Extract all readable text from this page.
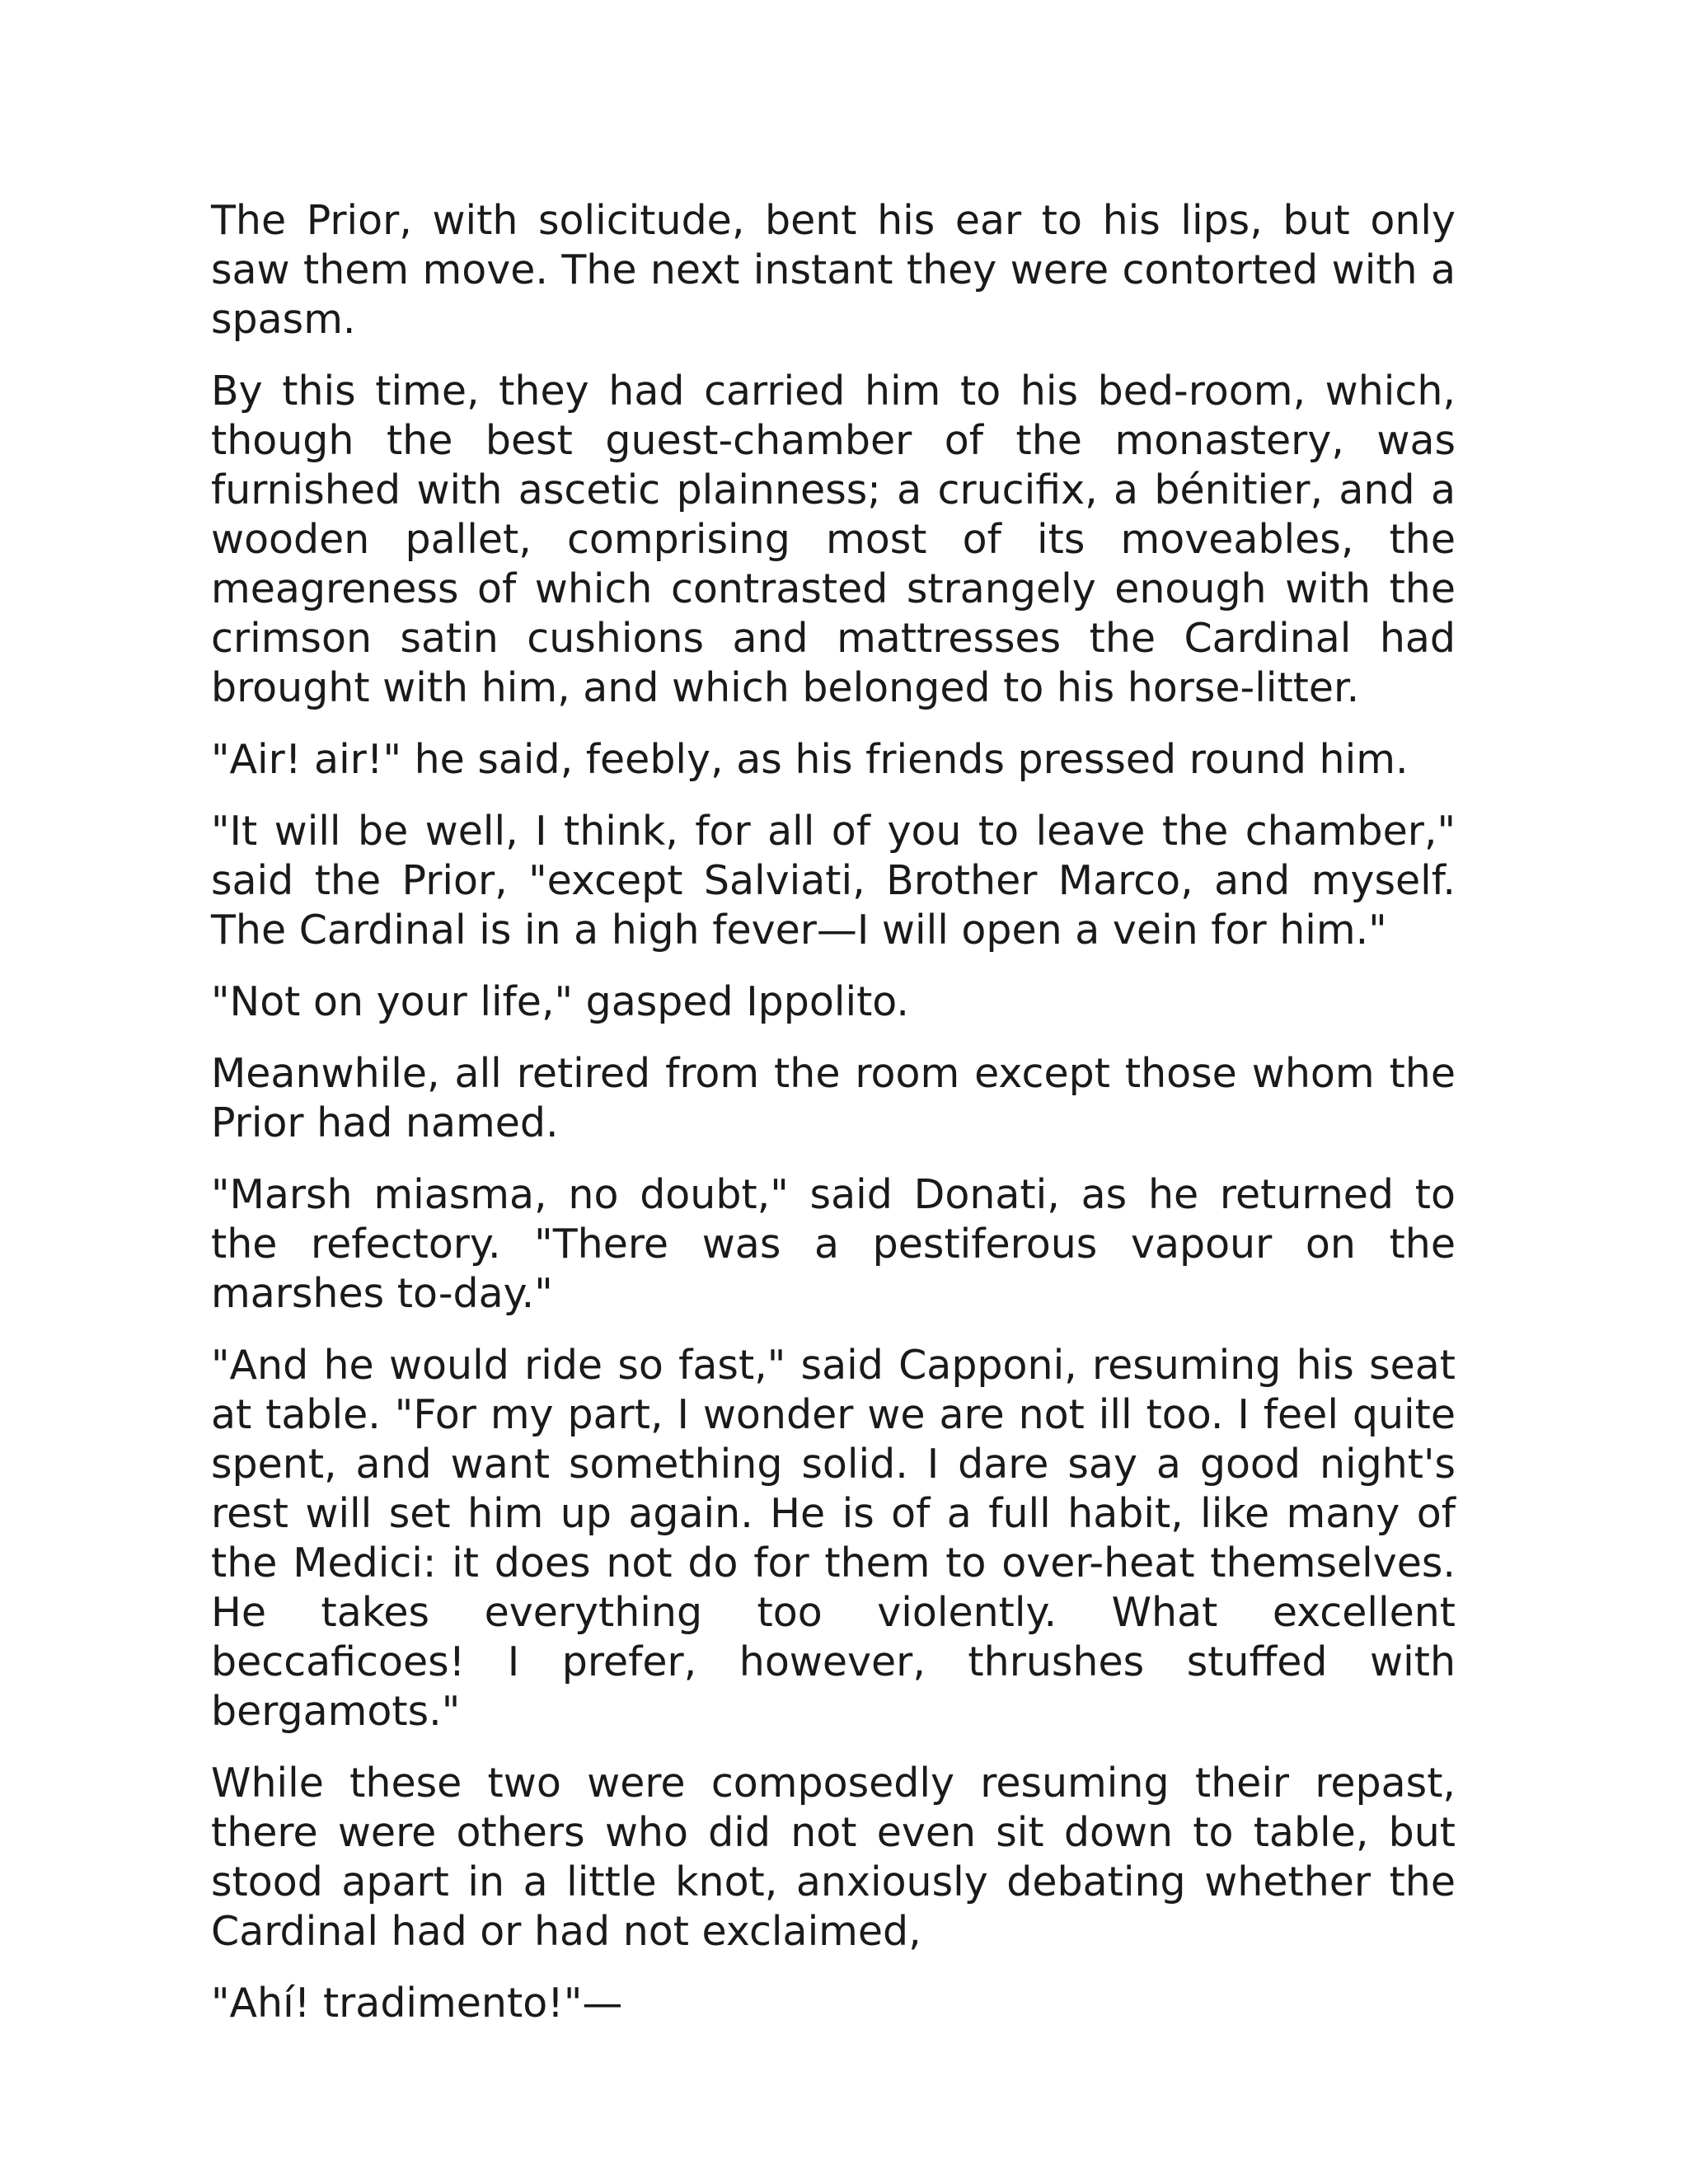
The Prior, with solicitude, bent his ear to his lips, but only saw them move. The next instant they were contorted with a spasm.

By this time, they had carried him to his bed-room, which, though the best guest-chamber of the monastery, was furnished with ascetic plainness; a crucifix, a bénitier, and a wooden pallet, comprising most of its moveables, the meagreness of which contrasted strangely enough with the crimson satin cushions and mattresses the Cardinal had brought with him, and which belonged to his horse-litter.

"Air! air!" he said, feebly, as his friends pressed round him.

"It will be well, I think, for all of you to leave the chamber," said the Prior, "except Salviati, Brother Marco, and myself. The Cardinal is in a high fever—I will open a vein for him."

"Not on your life," gasped Ippolito.

Meanwhile, all retired from the room except those whom the Prior had named.

"Marsh miasma, no doubt," said Donati, as he returned to the refectory. "There was a pestiferous vapour on the marshes to-day."

"And he would ride so fast," said Capponi, resuming his seat at table. "For my part, I wonder we are not ill too. I feel quite spent, and want something solid. I dare say a good night's rest will set him up again. He is of a full habit, like many of the Medici: it does not do for them to over-heat themselves. He takes everything too violently. What excellent beccaficoes! I prefer, however, thrushes stuffed with bergamots."

While these two were composedly resuming their repast, there were others who did not even sit down to table, but stood apart in a little knot, anxiously debating whether the Cardinal had or had not exclaimed,

"Ahí! tradimento!"—
